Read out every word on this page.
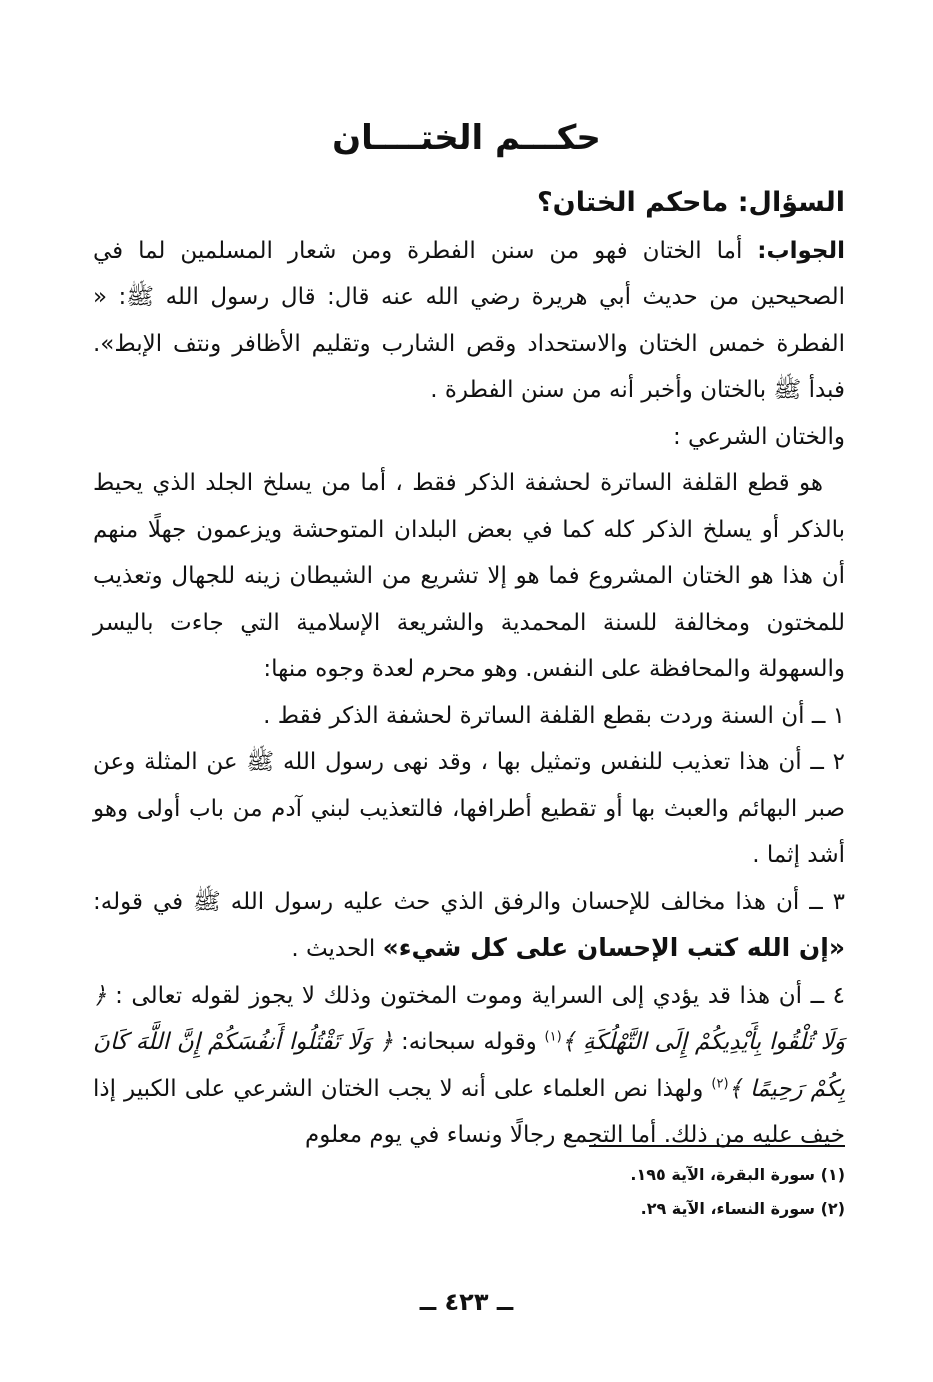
حكـــم الختــــان

السؤال: ماحكم الختان؟

الجواب: أما الختان فهو من سنن الفطرة ومن شعار المسلمين لما في الصحيحين من حديث أبي هريرة رضي الله عنه قال: قال رسول الله ﷺ: « الفطرة خمس الختان والاستحداد وقص الشارب وتقليم الأظافر ونتف الإبط». فبدأ ﷺ بالختان وأخبر أنه من سنن الفطرة .

والختان الشرعي :

هو قطع القلفة الساترة لحشفة الذكر فقط ، أما من يسلخ الجلد الذي يحيط بالذكر أو يسلخ الذكر كله كما في بعض البلدان المتوحشة ويزعمون جهلًا منهم أن هذا هو الختان المشروع فما هو إلا تشريع من الشيطان زينه للجهال وتعذيب للمختون ومخالفة للسنة المحمدية والشريعة الإسلامية التي جاءت باليسر والسهولة والمحافظة على النفس. وهو محرم لعدة وجوه منها:

١ ــ أن السنة وردت بقطع القلفة الساترة لحشفة الذكر فقط .

٢ ــ أن هذا تعذيب للنفس وتمثيل بها ، وقد نهى رسول الله ﷺ عن المثلة وعن صبر البهائم والعبث بها أو تقطيع أطرافها، فالتعذيب لبني آدم من باب أولى وهو أشد إثما .

٣ ــ أن هذا مخالف للإحسان والرفق الذي حث عليه رسول الله ﷺ في قوله: «إن الله كتب الإحسان على كل شيء» الحديث .

٤ ــ أن هذا قد يؤدي إلى السراية وموت المختون وذلك لا يجوز لقوله تعالى : ﴿ وَلَا تُلْقُوا بِأَيْدِيكُمْ إِلَى التَّهْلُكَةِ ﴾$^{(١)}$ وقوله سبحانه: ﴿ وَلَا تَقْتُلُوا أَنفُسَكُمْ إِنَّ اللَّهَ كَانَ بِكُمْ رَحِيمًا ﴾$^{(٢)}$ ولهذا نص العلماء على أنه لا يجب الختان الشرعي على الكبير إذا خيف عليه من ذلك. أما التجمع رجالًا ونساء في يوم معلوم

(١) سورة البقرة، الآية ١٩٥.

(٢) سورة النساء، الآية ٢٩.

ــ ٤٢٣ ــ
